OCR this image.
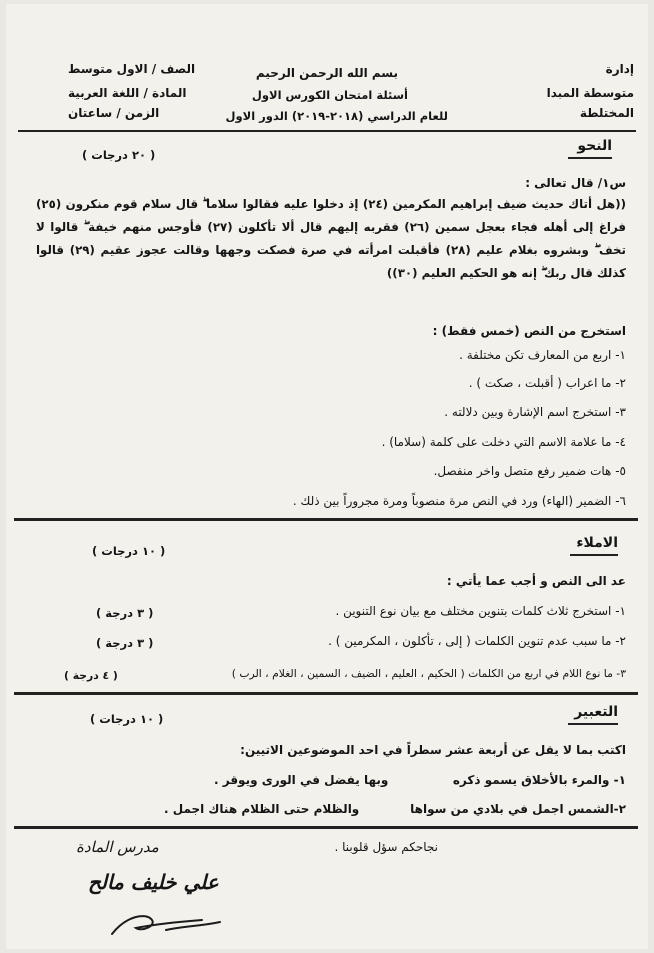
إدارة
متوسطة المبدا
المختلطة
بسم الله الرحمن الرحيم
أسئلة امتحان الكورس الاول
للعام الدراسي (٢٠١٨-٢٠١٩) الدور الاول
الصف / الاول متوسط
المادة / اللغة العربية
الزمن / ساعتان
النحو
( ٢٠ درجات )
س١/ قال تعالى :
((هل أتاك حديث ضيف إبراهيم المكرمين (٢٤) إذ دخلوا عليه فقالوا سلاما ۖ قال سلام قوم منكرون (٢٥) فراغ إلى أهله فجاء بعجل سمين (٢٦) فقربه إليهم قال ألا تأكلون (٢٧) فأوجس منهم خيفة ۖ قالوا لا تخف ۖ وبشروه بغلام عليم (٢٨) فأقبلت امرأته في صرة فصكت وجهها وقالت عجوز عقيم (٢٩) قالوا كذلك قال ربك ۖ إنه هو الحكيم العليم (٣٠))
استخرج من النص (خمس فقط) :
١- اربع من المعارف تكن مختلفة .
٢- ما اعراب ( أقبلت ، صكت ) .
٣- استخرج اسم الإشارة وبين دلالته .
٤- ما علامة الاسم التي دخلت على كلمة (سلاما) .
٥- هات ضمير رفع متصل واخر منفصل.
٦- الضمير (الهاء) ورد في النص مرة منصوباً ومرة مجروراً بين ذلك .
الاملاء
( ١٠ درجات )
عد الى النص و أجب عما يأتي :
١- استخرج ثلاث كلمات بتنوين مختلف مع بيان نوع التنوين .
( ٣ درجة )
٢- ما سبب عدم تنوين الكلمات ( إلى ، تأكلون ، المكرمين ) .
( ٣ درجة )
٣- ما نوع اللام في اربع من الكلمات ( الحكيم ، العليم ، الضيف ، السمين ، الغلام ، الرب )
( ٤ درجة )
التعبير
( ١٠ درجات )
اكتب بما لا يقل عن أربعة عشر سطراً في احد الموضوعين الاتيين:
١- والمرء بالأخلاق يسمو ذكره
وبها يفضل في الورى ويوقر .
٢-الشمس اجمل في بلادي من سواها
والظلام حتى الظلام هناك اجمل .
نجاحكم سؤل قلوبنا .
مدرس المادة
علي خليف مالح
